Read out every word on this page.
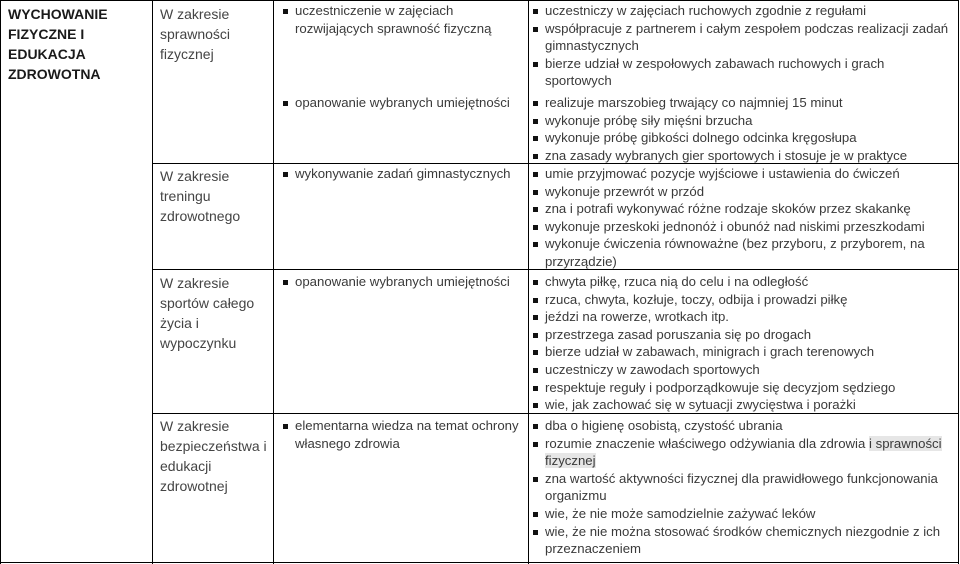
WYCHOWANIE FIZYCZNE I EDUKACJA ZDROWOTNA
W zakresie sprawności fizycznej
W zakresie treningu zdrowotnego
W zakresie sportów całego życia i wypoczynku
W zakresie bezpieczeństwa i edukacji zdrowotnej
uczestniczenie w zajęciach rozwijających sprawność fizyczną
opanowanie wybranych umiejętności
wykonywanie zadań gimnastycznych
opanowanie wybranych umiejętności
elementarna wiedza na temat ochrony własnego zdrowia
uczestniczy w zajęciach ruchowych zgodnie z regułami
współpracuje z partnerem i całym zespołem podczas realizacji zadań gimnastycznych
bierze udział w zespołowych zabawach ruchowych i grach sportowych
realizuje marszobieg trwający co najmniej 15 minut
wykonuje próbę siły mięśni brzucha
wykonuje próbę gibkości dolnego odcinka kręgosłupa
zna zasady wybranych gier sportowych i stosuje je w praktyce
umie przyjmować pozycje wyjściowe i ustawienia do ćwiczeń
wykonuje przewrót w przód
zna i potrafi wykonywać różne rodzaje skoków przez skakankę
wykonuje przeskoki jednonóż i obunóż nad niskimi przeszkodami
wykonuje ćwiczenia równoważne (bez przyboru, z przyborem, na przyrządzie)
chwyta piłkę, rzuca nią do celu i na odległość
rzuca, chwyta, kozłuje, toczy, odbija i prowadzi piłkę
jeździ na rowerze, wrotkach itp.
przestrzega zasad poruszania się po drogach
bierze udział w zabawach, minigrach i grach terenowych
uczestniczy w zawodach sportowych
respektuje reguły i podporządkowuje się decyzjom sędziego
wie, jak zachować się w sytuacji zwycięstwa i porażki
dba o higienę osobistą, czystość ubrania
rozumie znaczenie właściwego odżywiania dla zdrowia i sprawności fizycznej
zna wartość aktywności fizycznej dla prawidłowego funkcjonowania organizmu
wie, że nie może samodzielnie zażywać leków
wie, że nie można stosować środków chemicznych niezgodnie z ich przeznaczeniem
